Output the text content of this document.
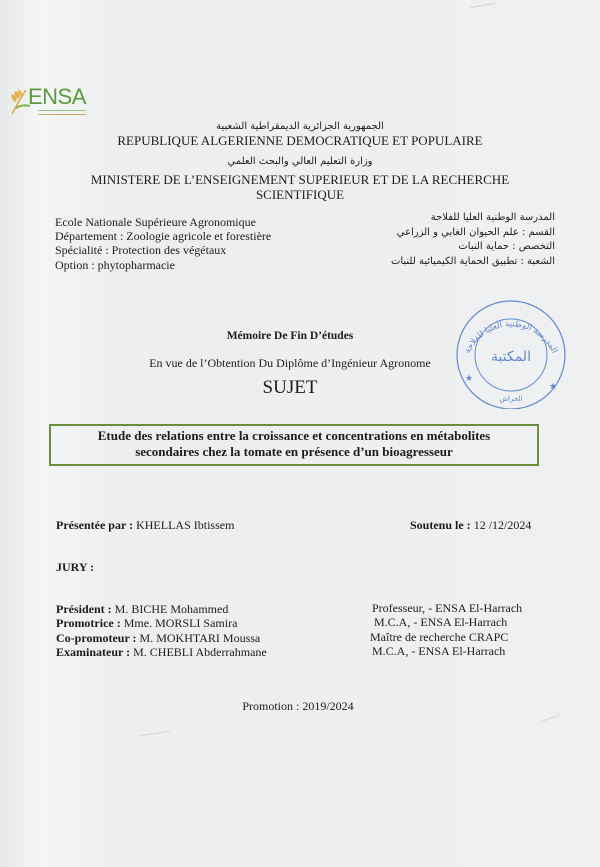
ENSA
الجمهورية الجزائرية الديمقراطية الشعبية
REPUBLIQUE ALGERIENNE DEMOCRATIQUE ET POPULAIRE
وزارة التعليم العالي والبحث العلمي
MINISTERE DE L’ENSEIGNEMENT SUPERIEUR ET DE LA RECHERCHE
SCIENTIFIQUE
Ecole Nationale Supérieure Agronomique
Département : Zoologie agricole et forestière
Spécialité : Protection des végétaux
Option : phytopharmacie
المدرسة الوطنية العليا للفلاحة
القسم : علم الحيوان الغابي و الزراعي
التخصص : حماية النبات
الشعبة : تطبيق الحماية الكيميائية للنبات
Mémoire De Fin D’études
En vue de l’Obtention Du Diplôme d’Ingénieur Agronome
SUJET
المدرسة الوطنية العليا للفلاحة
المكتبة
الحراش
★
★
Etude des relations entre la croissance et concentrations en métabolites
secondaires chez la tomate en présence d’un bioagresseur
Présentée par : KHELLAS Ibtissem	Soutenu le : 12 /12/2024
JURY :
Président : M. BICHE Mohammed
Promotrice : Mme. MORSLI Samira
Co-promoteur : M. MOKHTARI Moussa
Examinateur : M. CHEBLI Abderrahmane
Professeur, - ENSA El-Harrach
M.C.A, - ENSA El-Harrach
Maître de recherche CRAPC
M.C.A, - ENSA El-Harrach
Promotion : 2019/2024
